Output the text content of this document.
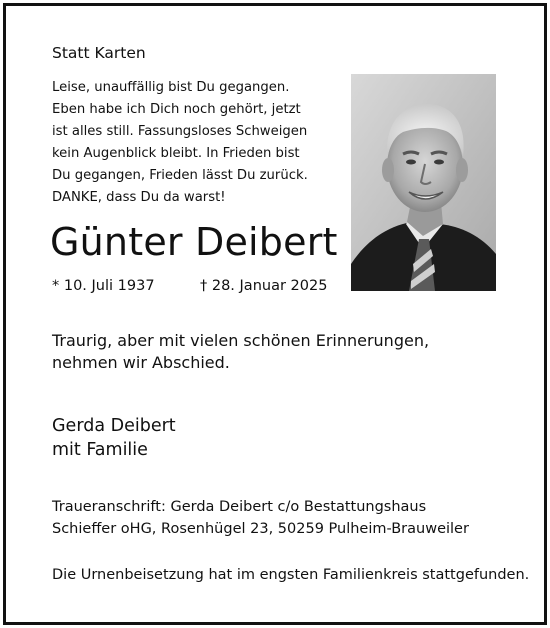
Statt Karten
Leise, unauffällig bist Du gegangen.
Eben habe ich Dich noch gehört, jetzt
ist alles still. Fassungsloses Schweigen
kein Augenblick bleibt. In Frieden bist
Du gegangen, Frieden lässt Du zurück.
DANKE, dass Du da warst!
Günter Deibert
* 10. Juli 1937	† 28. Januar 2025
Traurig, aber mit vielen schönen Erinnerungen,
nehmen wir Abschied.
Gerda Deibert
mit Familie
Traueranschrift: Gerda Deibert c/o Bestattungshaus
Schieffer oHG, Rosenhügel 23, 50259 Pulheim-Brauweiler
Die Urnenbeisetzung hat im engsten Familienkreis stattgefunden.
